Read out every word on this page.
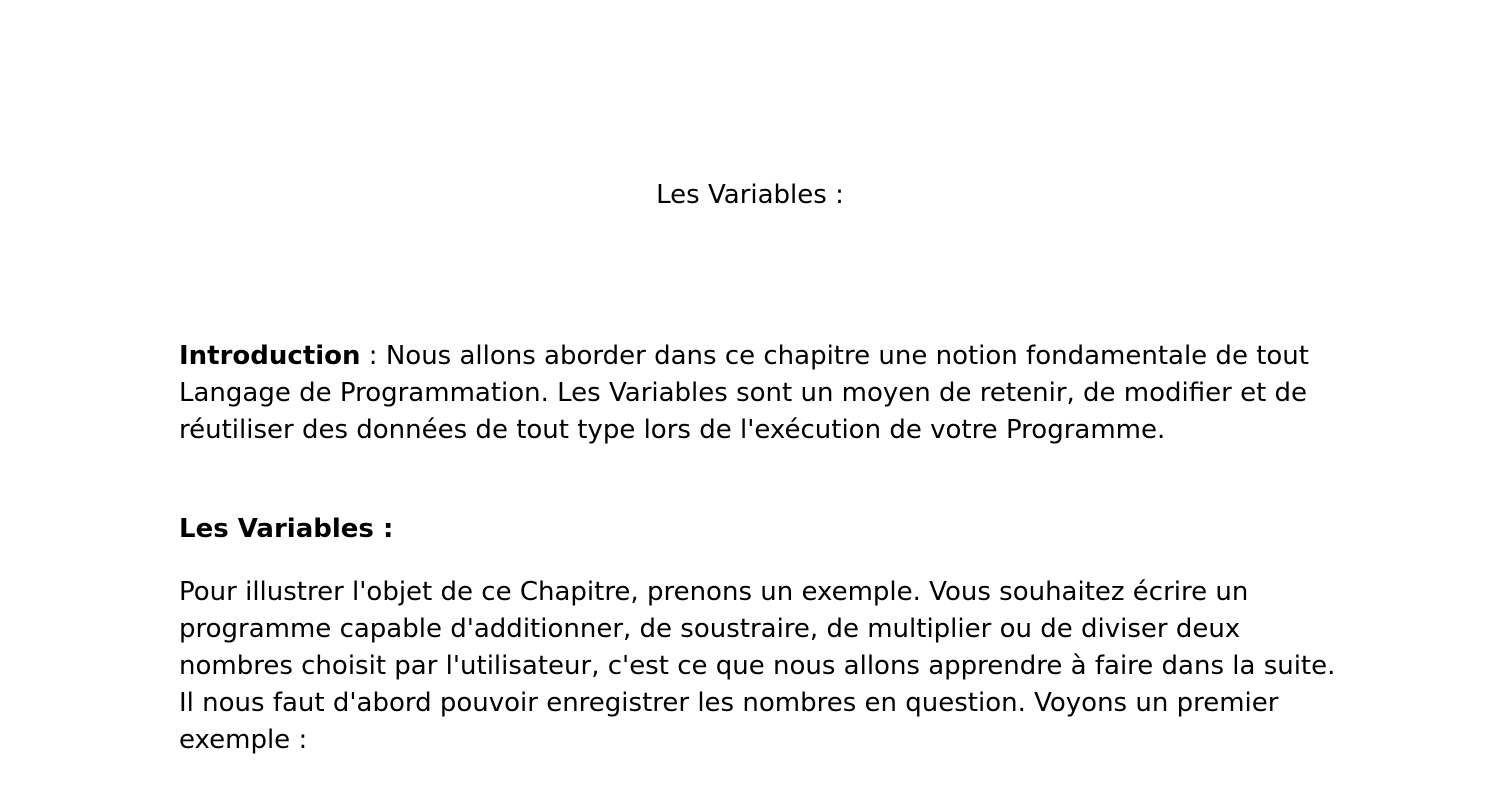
Les Variables :

Introduction : Nous allons aborder dans ce chapitre une notion fondamentale de tout Langage de Programmation. Les Variables sont un moyen de retenir, de modifier et de réutiliser des données de tout type lors de l'exécution de votre Programme.

Les Variables :

Pour illustrer l'objet de ce Chapitre, prenons un exemple. Vous souhaitez écrire un programme capable d'additionner, de soustraire, de multiplier ou de diviser deux nombres choisit par l'utilisateur, c'est ce que nous allons apprendre à faire dans la suite. Il nous faut d'abord pouvoir enregistrer les nombres en question. Voyons un premier exemple :
